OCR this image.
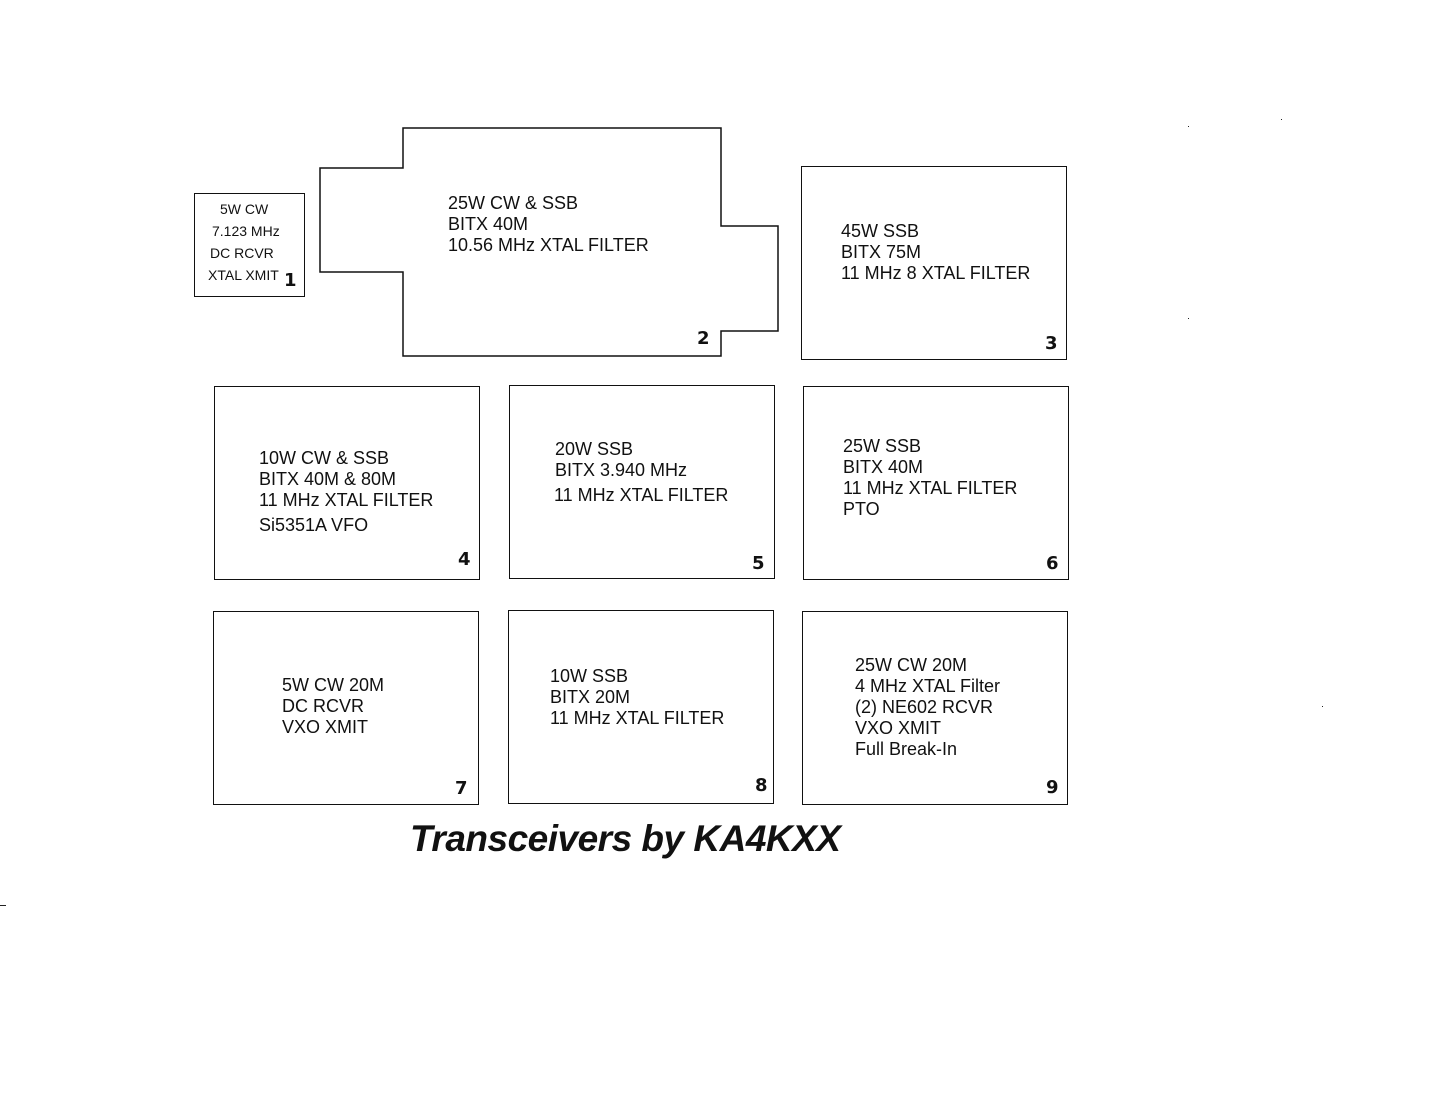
5W CW
7.123 MHz
DC RCVR
XTAL XMIT 1
25W CW & SSB
BITX 40M
10.56 MHz XTAL FILTER
2
45W SSB
BITX 75M
11 MHz 8 XTAL FILTER
3
10W CW & SSB
BITX 40M & 80M
11 MHz XTAL FILTER
Si5351A VFO
4
20W SSB
BITX 3.940 MHz
11 MHz XTAL FILTER
5
25W SSB
BITX 40M
11 MHz XTAL FILTER
PTO
6
5W CW 20M
DC RCVR
VXO XMIT
7
10W SSB
BITX 20M
11 MHz XTAL FILTER
8
25W CW 20M
4 MHz XTAL Filter
(2) NE602 RCVR
VXO XMIT
Full Break-In
9
Transceivers by KA4KXX
